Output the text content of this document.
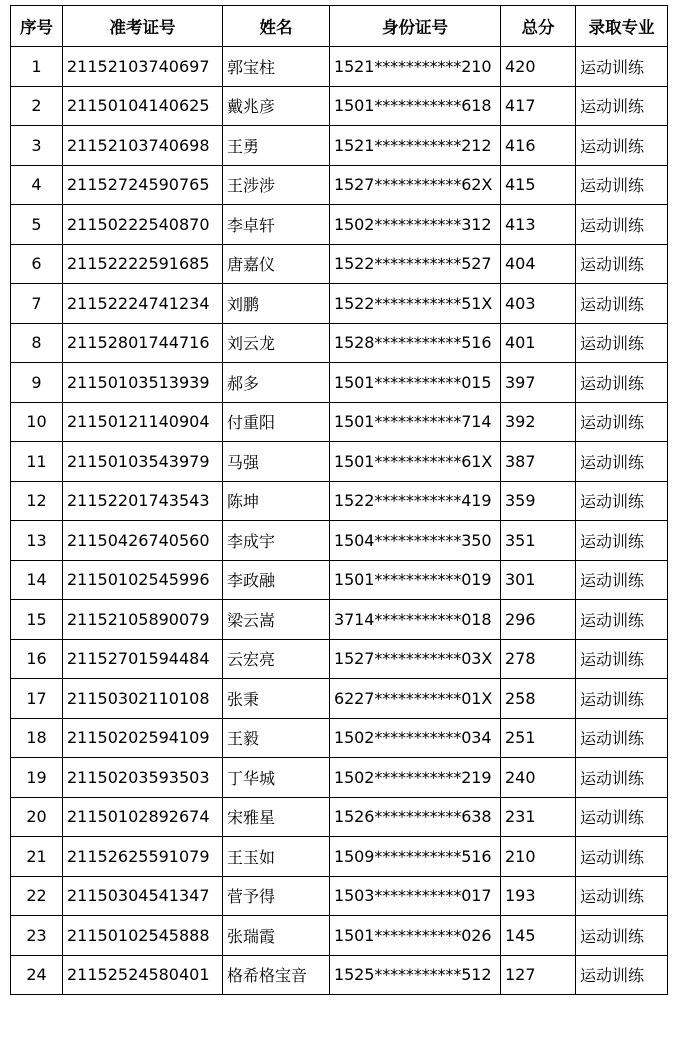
序号	准考证号	姓名	身份证号	总分	录取专业
1	21152103740697	郭宝柱	1521***********210	420	运动训练
2	21150104140625	戴兆彦	1501***********618	417	运动训练
3	21152103740698	王勇	1521***********212	416	运动训练
4	21152724590765	王涉涉	1527***********62X	415	运动训练
5	21150222540870	李卓轩	1502***********312	413	运动训练
6	21152222591685	唐嘉仪	1522***********527	404	运动训练
7	21152224741234	刘鹏	1522***********51X	403	运动训练
8	21152801744716	刘云龙	1528***********516	401	运动训练
9	21150103513939	郝多	1501***********015	397	运动训练
10	21150121140904	付重阳	1501***********714	392	运动训练
11	21150103543979	马强	1501***********61X	387	运动训练
12	21152201743543	陈坤	1522***********419	359	运动训练
13	21150426740560	李成宇	1504***********350	351	运动训练
14	21150102545996	李政融	1501***********019	301	运动训练
15	21152105890079	梁云嵩	3714***********018	296	运动训练
16	21152701594484	云宏亮	1527***********03X	278	运动训练
17	21150302110108	张秉	6227***********01X	258	运动训练
18	21150202594109	王毅	1502***********034	251	运动训练
19	21150203593503	丁华城	1502***********219	240	运动训练
20	21150102892674	宋雅星	1526***********638	231	运动训练
21	21152625591079	王玉如	1509***********516	210	运动训练
22	21150304541347	菅予得	1503***********017	193	运动训练
23	21150102545888	张瑞霞	1501***********026	145	运动训练
24	21152524580401	格希格宝音	1525***********512	127	运动训练
